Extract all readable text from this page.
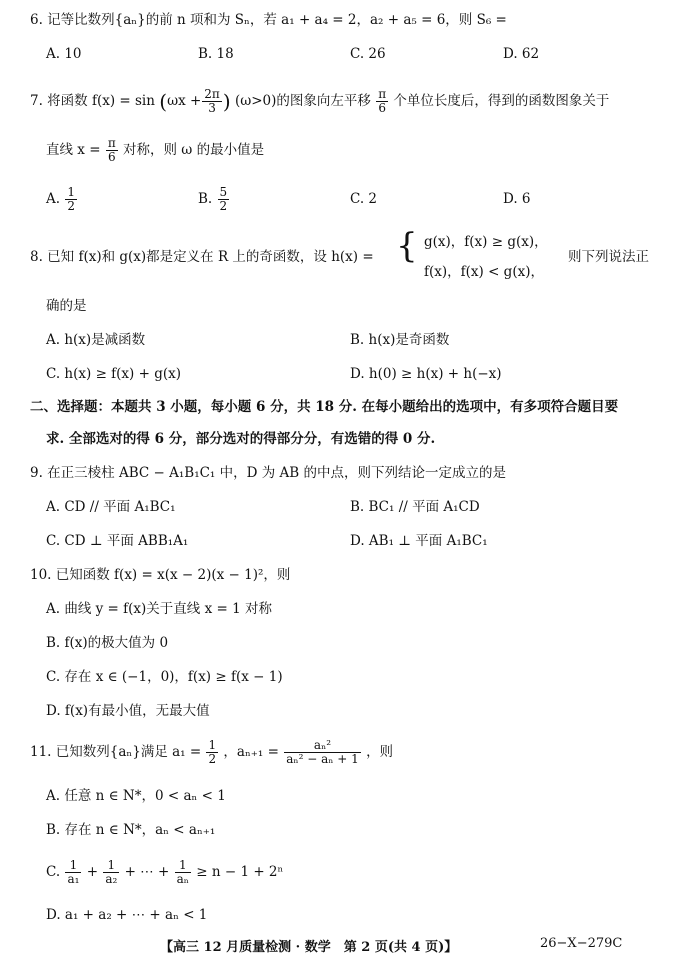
6. 记等比数列{aₙ}的前 n 项和为 Sₙ，若 a₁ + a₄ = 2，a₂ + a₅ = 6，则 S₆ =
A. 10	B. 18	C. 26	D. 62
7. 将函数 $f(x) = \sin (\omega x + \frac{2\pi}{3}$ ) (ω>0)的图象向左平移 $\frac{\pi}{6}$ 个单位长度后，得到的函数图象关于
直线 $x = \frac{\pi}{6}$ 对称，则 ω 的最小值是
A. $\frac{1}{2}$	B. $\frac{5}{2}$	C. 2	D. 6
8. 已知 f(x)和 g(x)都是定义在 R 上的奇函数，设 h(x) = { g(x)，f(x) ≥ g(x)，
f(x)，f(x) < g(x)，
则下列说法正
确的是
A. h(x)是减函数	B. h(x)是奇函数
C. h(x) ≥ f(x) + g(x)	D. h(0) ≥ h(x) + h(−x)
二、选择题：本题共 3 小题，每小题 6 分，共 18 分. 在每小题给出的选项中，有多项符合题目要
求. 全部选对的得 6 分，部分选对的得部分分，有选错的得 0 分.
9. 在正三棱柱 ABC − A₁B₁C₁ 中，D 为 AB 的中点，则下列结论一定成立的是
A. CD // 平面 A₁BC₁	B. BC₁ // 平面 A₁CD
C. CD ⊥ 平面 ABB₁A₁	D. AB₁ ⊥ 平面 A₁BC₁
10. 已知函数 f(x) = x(x − 2)(x − 1)²，则
A. 曲线 y = f(x)关于直线 x = 1 对称
B. f(x)的极大值为 0
C. 存在 x ∈ (−1，0)，f(x) ≥ f(x − 1)
D. f(x)有最小值，无最大值
11. 已知数列{aₙ}满足 $a_1 = \frac{1}{2}$ ，$a_{n+1} = \frac{\text{aₙ²}}{\text{aₙ² − aₙ + 1}}$ ，则
A. 任意 n ∈ N*，0 < aₙ < 1
B. 存在 n ∈ N*，aₙ < aₙ₊₁
C. $\frac{1}{\text{a₁}} + \frac{1}{\text{a₂}}$ + ⋯ + $\frac{1}{\text{aₙ}} \ge n - 1 + 2^n$
D. a₁ + a₂ + ⋯ + aₙ < 1
【高三 12 月质量检测 · 数学　第 2 页(共 4 页)】	26−X−279C
